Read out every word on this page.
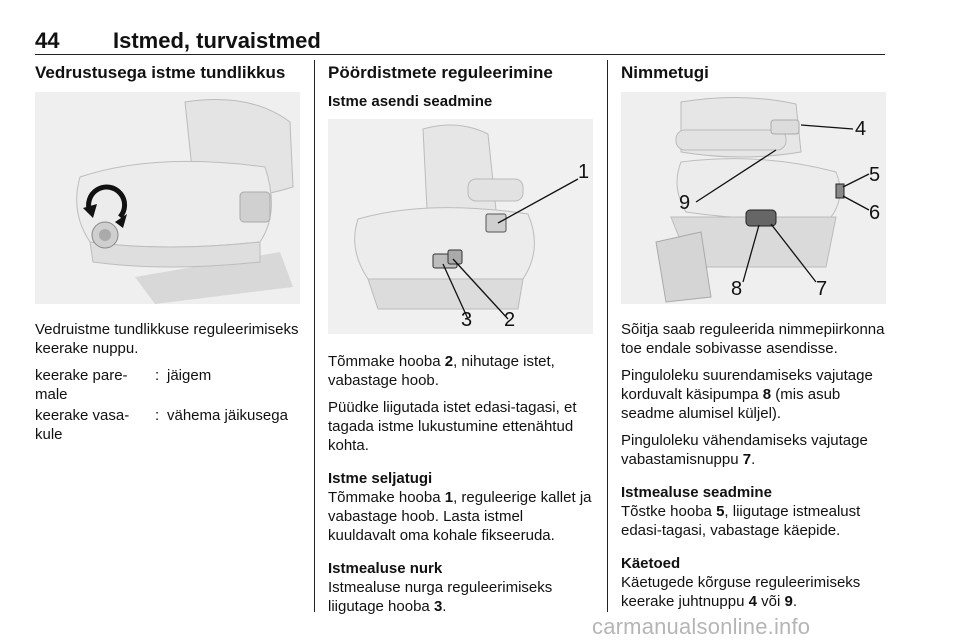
44 Istmed, turvaistmed
Vedrustusega istme tundlikkus

Vedruistme tundlikkuse reguleerimiseks keerake nuppu.

keerake pare-male
: jäigem
keerake vasa-kule
: vähema jäikusega
Pöördistmete reguleerimine
Istme asendi seadmine
1
2
3

Tõmmake hooba 2, nihutage istet, vabastage hoob.

Püüdke liigutada istet edasi-tagasi, et tagada istme lukustumine ettenähtud kohta.

Istme seljatugi

Tõmmake hooba 1, reguleerige kallet ja vabastage hoob. Lasta istmel kuuldavalt oma kohale fikseeruda.

Istmealuse nurk

Istmealuse nurga reguleerimiseks liigutage hooba 3.

Nimmetugi
4
5
6
7
8
9

Sõitja saab reguleerida nimmepiirkonna toe endale sobivasse asendisse.

Pinguloleku suurendamiseks vajutage korduvalt käsipumpa 8 (mis asub seadme alumisel küljel).

Pinguloleku vähendamiseks vajutage vabastamisnuppu 7.

Istmealuse seadmine

Tõstke hooba 5, liigutage istmealust edasi-tagasi, vabastage käepide.

Käetoed

Käetugede kõrguse reguleerimiseks keerake juhtnuppu 4 või 9.

carmanualsonline.info
